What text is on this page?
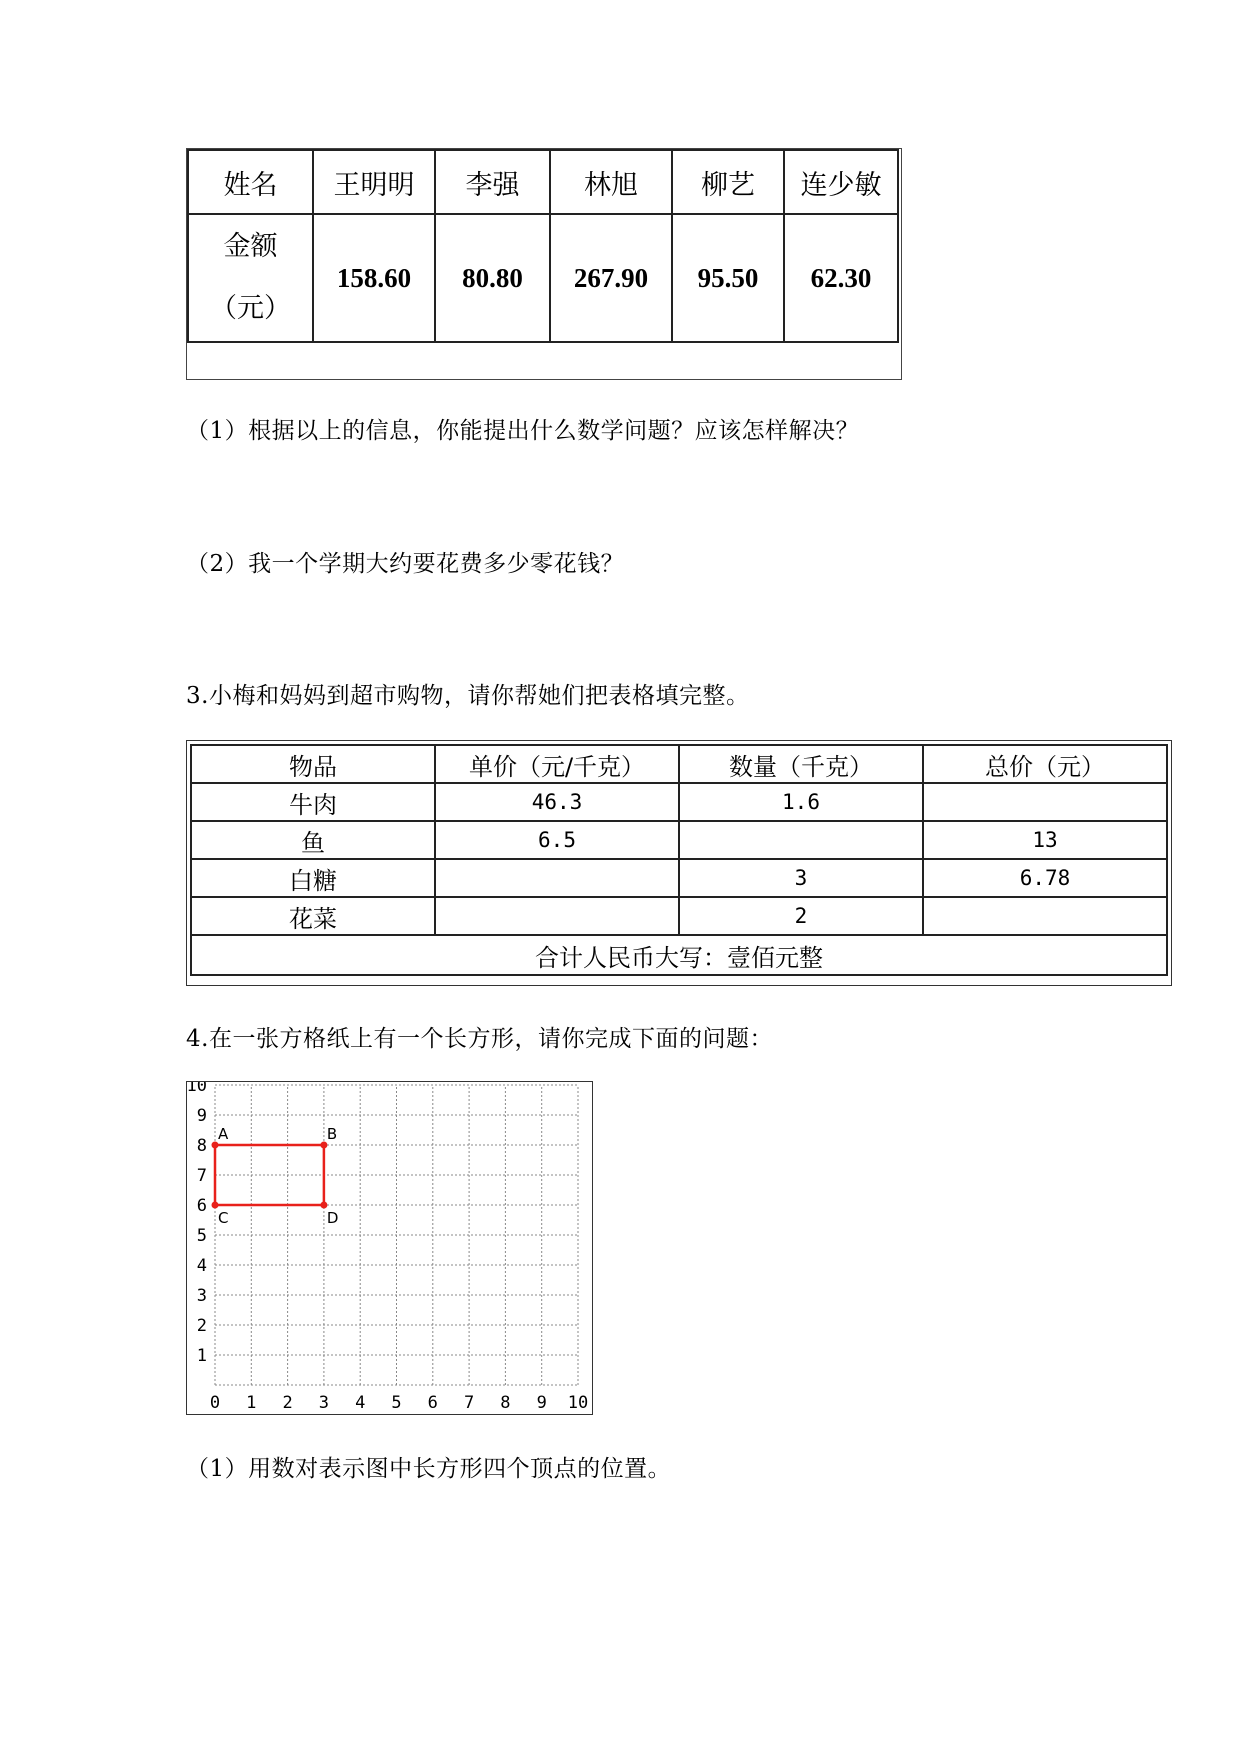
姓名	王明明	李强	林旭	柳艺	连少敏

金额
（元）	158.60	80.80	267.90	95.50	62.30
（1）根据以上的信息，你能提出什么数学问题？应该怎样解决？
（2）我一个学期大约要花费多少零花钱？
3.小梅和妈妈到超市购物，请你帮她们把表格填完整。
物品	单价（元/千克）	数量（千克）	总价（元）
牛肉	46.3	1.6	
鱼	6.5		13
白糖		3	6.78
花菜		2	
合计人民币大写：壹佰元整			
4.在一张方格纸上有一个长方形，请你完成下面的问题：
0 1 2 3 4 5 6 7 8 9 10
1
2
3
4
5
6
7
8
9
10
A	B
C	D
（1）用数对表示图中长方形四个顶点的位置。
